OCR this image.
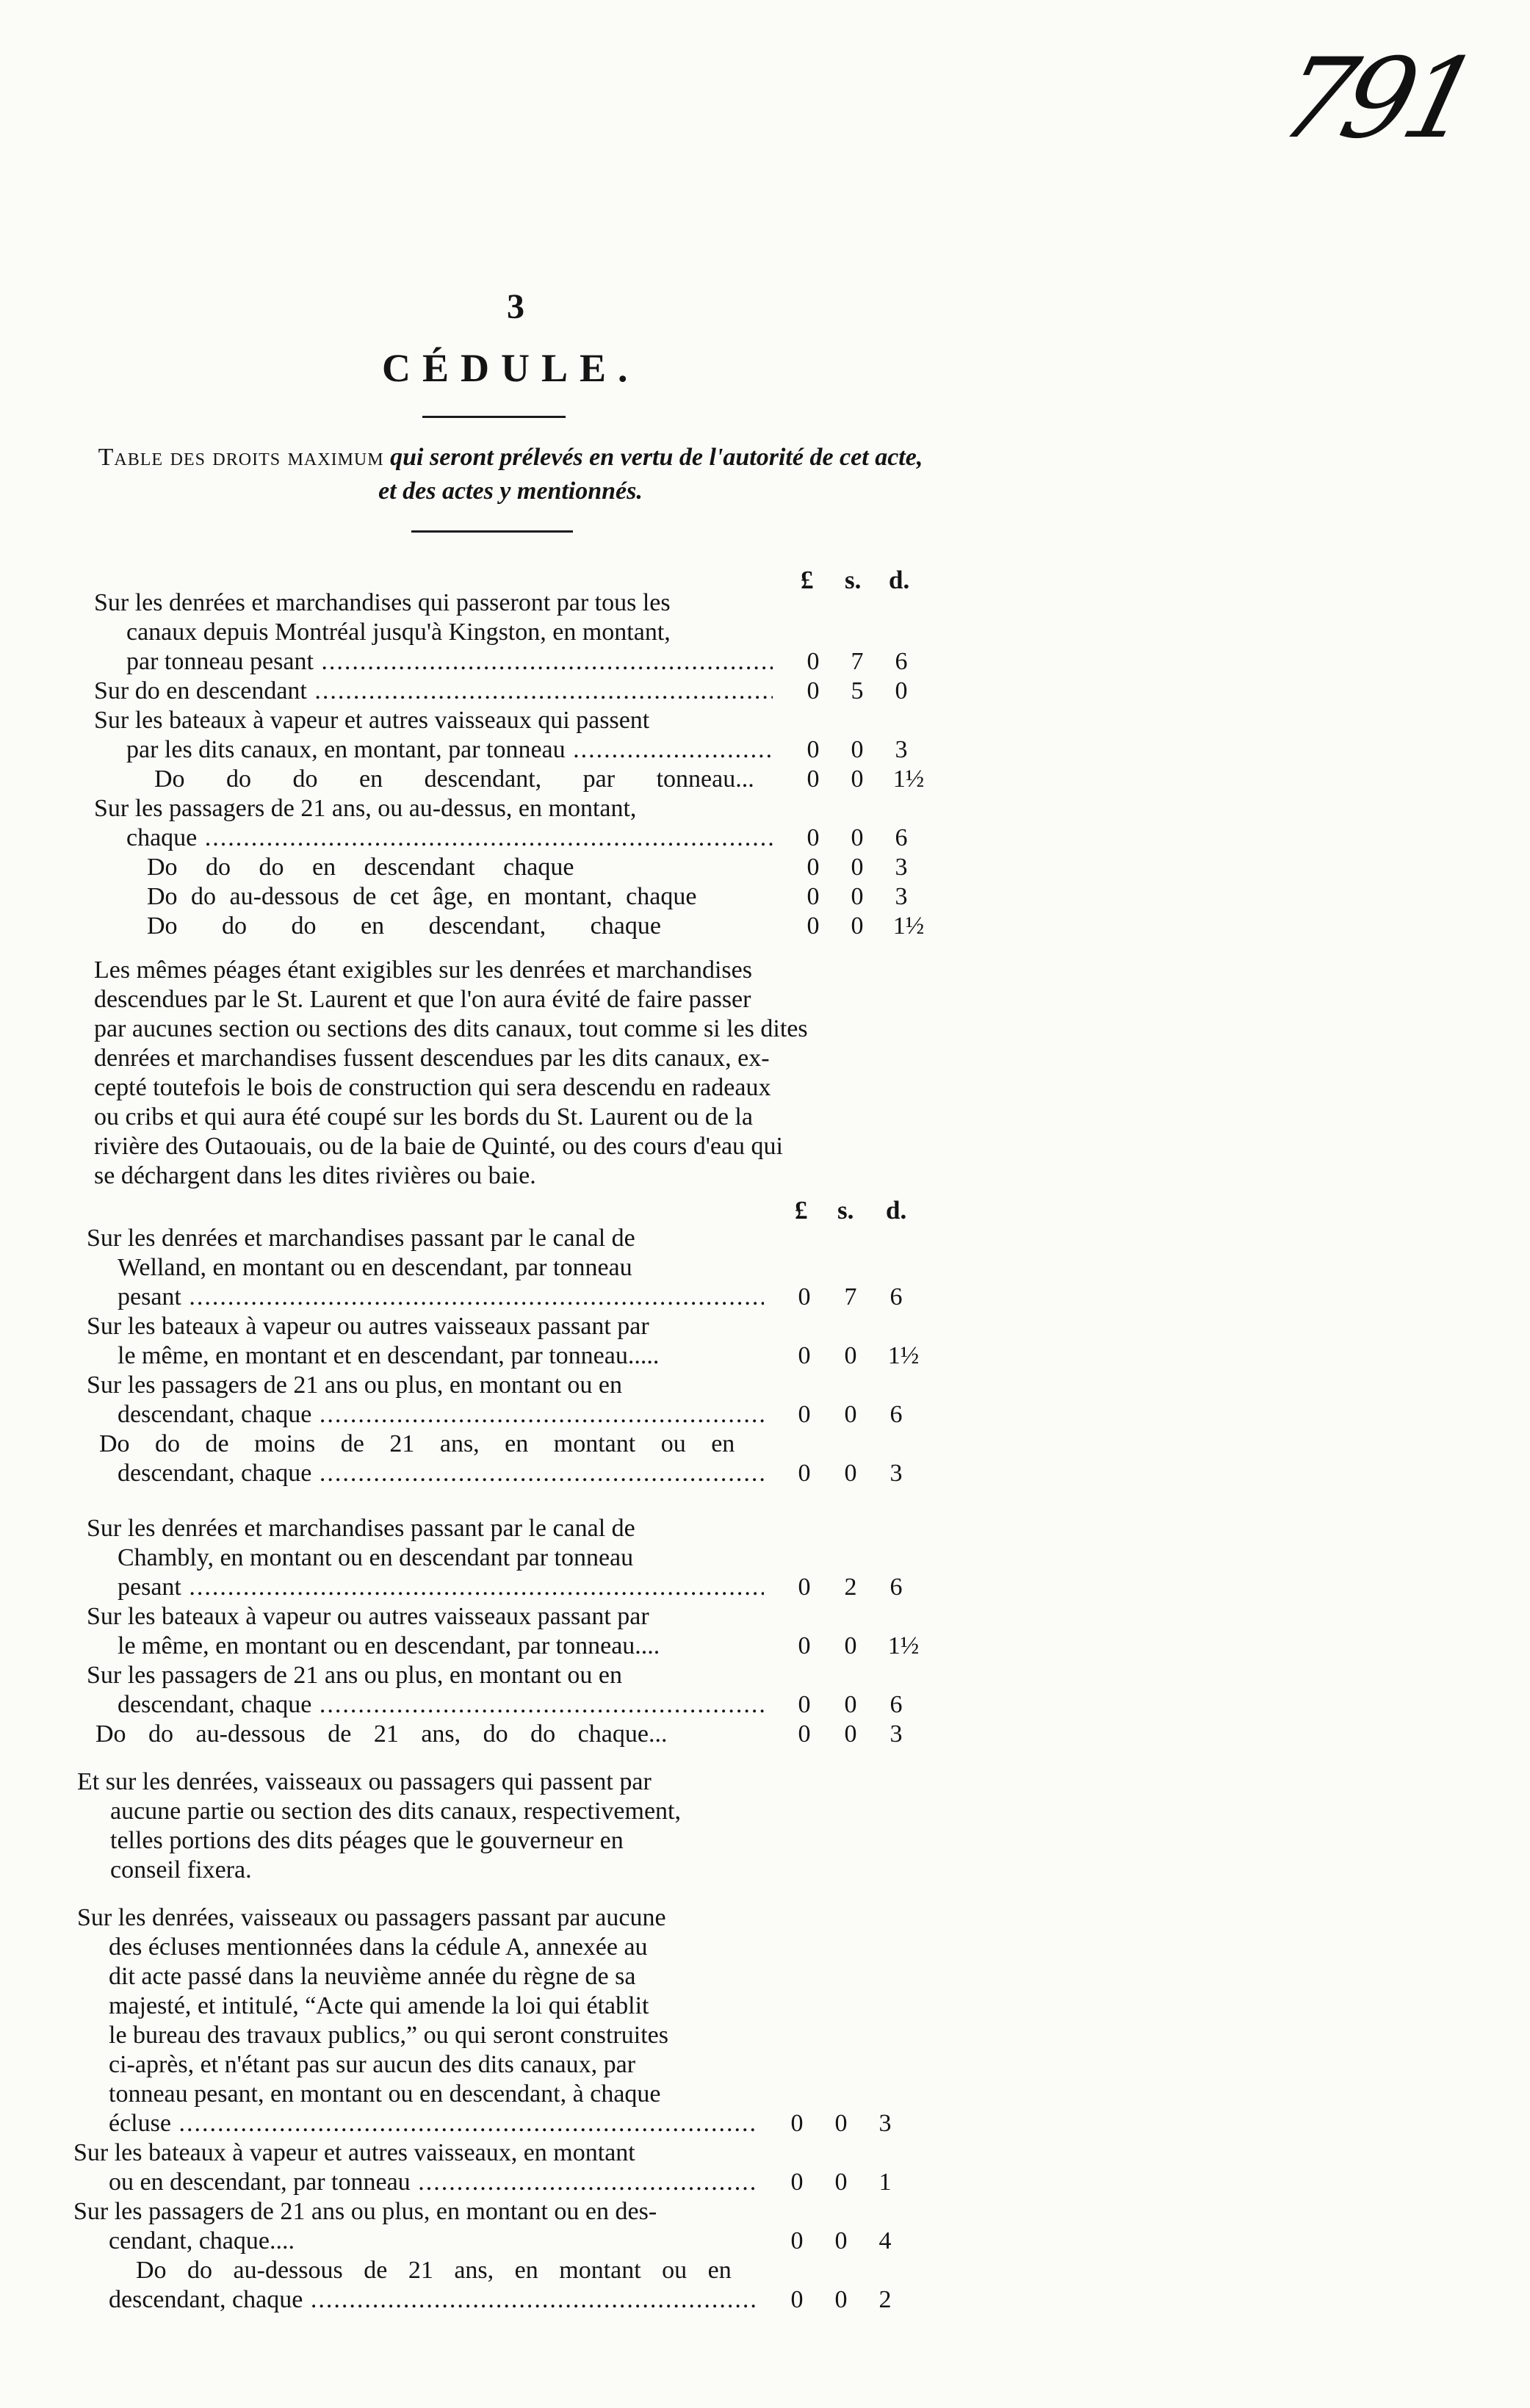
791
3
CÉDULE.
Table des droits maximum qui seront prélevés en vertu de l'autorité de cet acte, et des actes y mentionnés.
£ s. d.
Sur les denrées et marchandises qui passeront par tous les
canaux depuis Montréal jusqu'à Kingston, en montant,
par tonneau pesant .....
Sur do en descendant .....
Sur les bateaux à vapeur et autres vaisseaux qui passent
par les dits canaux, en montant, par tonneau .....
Do do do en descendant, par tonneau...
Sur les passagers de 21 ans, ou au-dessus, en montant,
chaque .....
Do do do en descendant chaque
Do do au-dessous de cet âge, en montant, chaque
Do do do en descendant, chaque
0 7 6
0 5 0
0 0 3
0 0 1½
0 0 6
0 0 3
0 0 3
0 0 1½
Les mêmes péages étant exigibles sur les denrées et marchandises
descendues par le St. Laurent et que l'on aura évité de faire passer
par aucunes section ou sections des dits canaux, tout comme si les dites
denrées et marchandises fussent descendues par les dits canaux, ex-
cepté toutefois le bois de construction qui sera descendu en radeaux
ou cribs et qui aura été coupé sur les bords du St. Laurent ou de la
rivière des Outaouais, ou de la baie de Quinté, ou des cours d'eau qui
se déchargent dans les dites rivières ou baie.
£ s. d.
Sur les denrées et marchandises passant par le canal de
Welland, en montant ou en descendant, par tonneau
pesant .....
Sur les bateaux à vapeur ou autres vaisseaux passant par
le même, en montant et en descendant, par tonneau.....
Sur les passagers de 21 ans ou plus, en montant ou en
descendant, chaque .....
Do do de moins de 21 ans, en montant ou en
descendant, chaque .....
0 7 6
0 0 1½
0 0 6
0 0 3
Sur les denrées et marchandises passant par le canal de
Chambly, en montant ou en descendant par tonneau
pesant .....
Sur les bateaux à vapeur ou autres vaisseaux passant par
le même, en montant ou en descendant, par tonneau....
Sur les passagers de 21 ans ou plus, en montant ou en
descendant, chaque .....
Do do au-dessous de 21 ans, do do chaque...
0 2 6
0 0 1½
0 0 6
0 0 3
Et sur les denrées, vaisseaux ou passagers qui passent par
aucune partie ou section des dits canaux, respectivement,
telles portions des dits péages que le gouverneur en
conseil fixera.
Sur les denrées, vaisseaux ou passagers passant par aucune
des écluses mentionnées dans la cédule A, annexée au
dit acte passé dans la neuvième année du règne de sa
majesté, et intitulé, “Acte qui amende la loi qui établit
le bureau des travaux publics,” ou qui seront construites
ci-après, et n'étant pas sur aucun des dits canaux, par
tonneau pesant, en montant ou en descendant, à chaque
écluse .....
Sur les bateaux à vapeur et autres vaisseaux, en montant
ou en descendant, par tonneau .....
Sur les passagers de 21 ans ou plus, en montant ou en des-
cendant, chaque....
Do do au-dessous de 21 ans, en montant ou en
descendant, chaque .....
0 0 3
0 0 1
0 0 4
0 0 2
